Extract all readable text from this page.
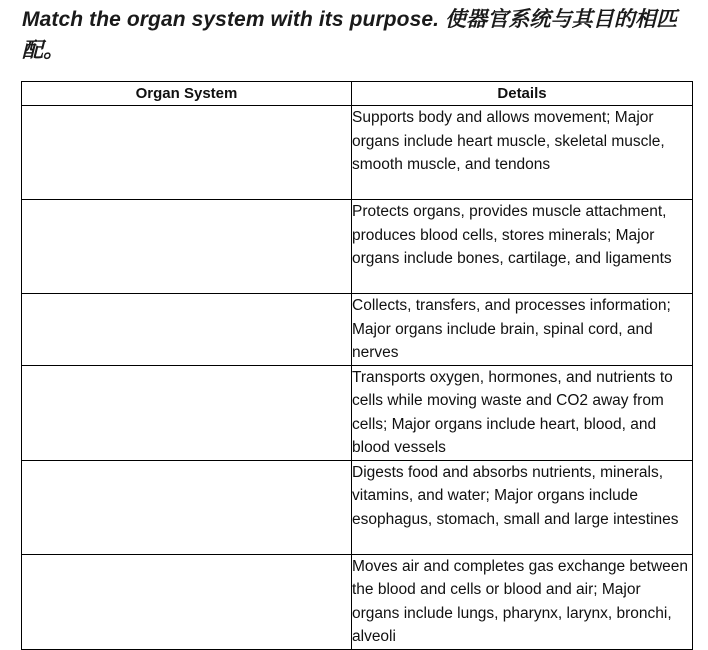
Match the organ system with its purpose. 使器官系统与其目的相匹配。
Organ System	Details

	Supports body and allows movement; Major organs include heart muscle, skeletal muscle, smooth muscle, and tendons

	Protects organs, provides muscle attachment, produces blood cells, stores minerals; Major organs include bones, cartilage, and ligaments

	Collects, transfers, and processes information; Major organs include brain, spinal cord, and nerves

	Transports oxygen, hormones, and nutrients to cells while moving waste and CO2 away from cells; Major organs include heart, blood, and blood vessels

	Digests food and absorbs nutrients, minerals, vitamins, and water; Major organs include esophagus, stomach, small and large intestines

	Moves air and completes gas exchange between the blood and cells or blood and air; Major organs include lungs, pharynx, larynx, bronchi, alveoli
